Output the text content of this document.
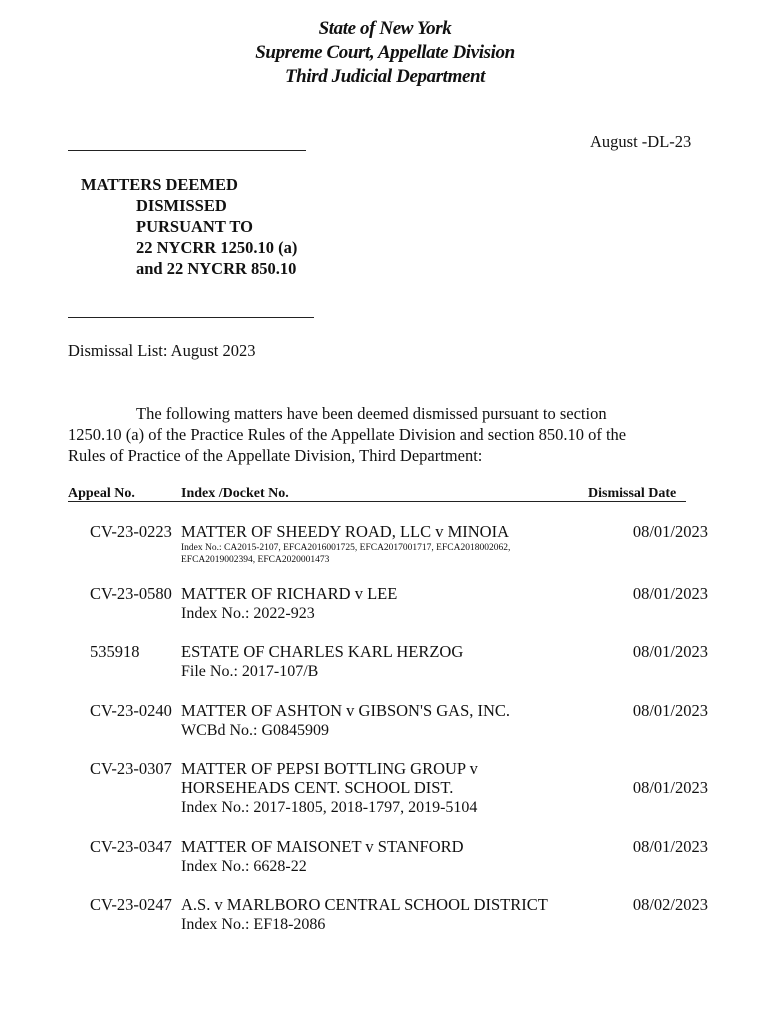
State of New York
Supreme Court, Appellate Division
Third Judicial Department
August -DL-23
MATTERS DEEMED
DISMISSED
PURSUANT TO
22 NYCRR 1250.10 (a)
and 22 NYCRR 850.10
Dismissal List: August 2023
The following matters have been deemed dismissed pursuant to section
1250.10 (a) of the Practice Rules of the Appellate Division and section 850.10 of the
Rules of Practice of the Appellate Division, Third Department:
Appeal No.	Index /Docket No.	Dismissal Date
CV-23-0223 MATTER OF SHEEDY ROAD, LLC v MINOIA
Index No.: CA2015-2107, EFCA2016001725, EFCA2017001717, EFCA2018002062,
EFCA2019002394, EFCA2020001473
08/01/2023
CV-23-0580 MATTER OF RICHARD v LEE
Index No.: 2022-923
08/01/2023
535918	ESTATE OF CHARLES KARL HERZOG
File No.: 2017-107/B
08/01/2023
CV-23-0240 MATTER OF ASHTON v GIBSON'S GAS, INC.
WCBd No.: G0845909
08/01/2023
CV-23-0307 MATTER OF PEPSI BOTTLING GROUP v
HORSEHEADS CENT. SCHOOL DIST.
Index No.: 2017-1805, 2018-1797, 2019-5104
08/01/2023
CV-23-0347 MATTER OF MAISONET v STANFORD
Index No.: 6628-22
08/01/2023
CV-23-0247 A.S. v MARLBORO CENTRAL SCHOOL DISTRICT
Index No.: EF18-2086
08/02/2023
